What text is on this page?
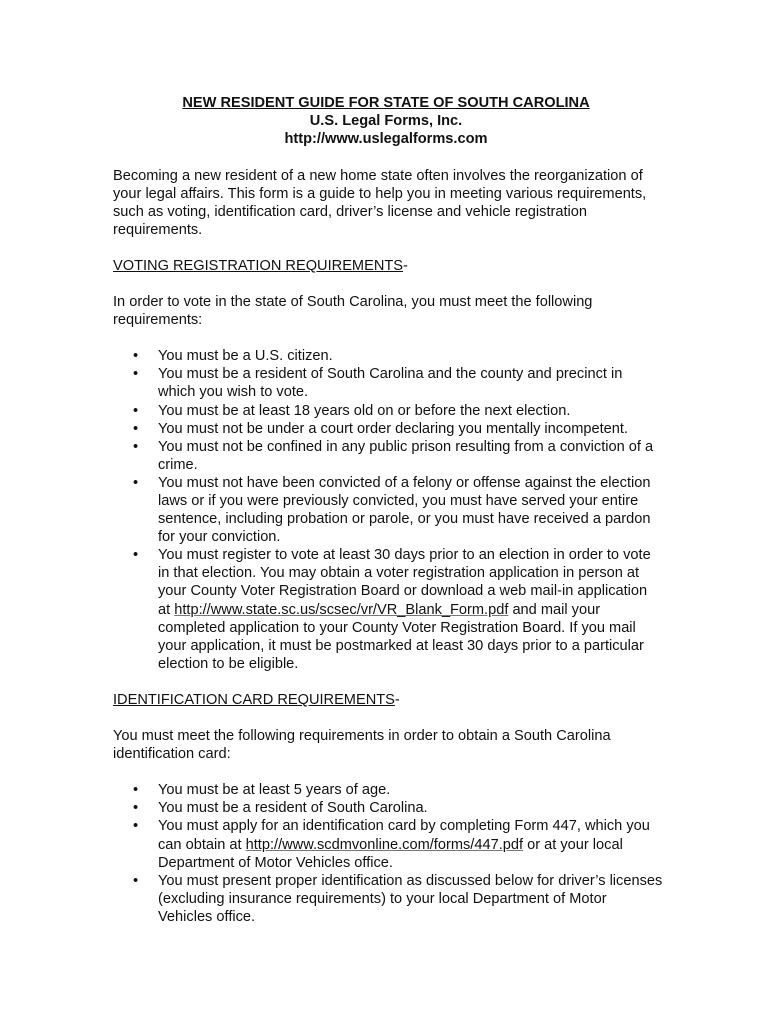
NEW RESIDENT GUIDE FOR STATE OF SOUTH CAROLINA
U.S. Legal Forms, Inc.
http://www.uslegalforms.com

Becoming a new resident of a new home state often involves the reorganization of your legal affairs. This form is a guide to help you in meeting various requirements, such as voting, identification card, driver’s license and vehicle registration requirements.

VOTING REGISTRATION REQUIREMENTS-

In order to vote in the state of South Carolina, you must meet the following requirements:

• You must be a U.S. citizen.
• You must be a resident of South Carolina and the county and precinct in which you wish to vote.
• You must be at least 18 years old on or before the next election.
• You must not be under a court order declaring you mentally incompetent.
• You must not be confined in any public prison resulting from a conviction of a crime.
• You must not have been convicted of a felony or offense against the election laws or if you were previously convicted, you must have served your entire sentence, including probation or parole, or you must have received a pardon for your conviction.
• You must register to vote at least 30 days prior to an election in order to vote in that election. You may obtain a voter registration application in person at your County Voter Registration Board or download a web mail-in application at http://www.state.sc.us/scsec/vr/VR_Blank_Form.pdf and mail your completed application to your County Voter Registration Board. If you mail your application, it must be postmarked at least 30 days prior to a particular election to be eligible.

IDENTIFICATION CARD REQUIREMENTS-

You must meet the following requirements in order to obtain a South Carolina identification card:

• You must be at least 5 years of age.
• You must be a resident of South Carolina.
• You must apply for an identification card by completing Form 447, which you can obtain at http://www.scdmvonline.com/forms/447.pdf or at your local Department of Motor Vehicles office.
• You must present proper identification as discussed below for driver’s licenses (excluding insurance requirements) to your local Department of Motor Vehicles office.
